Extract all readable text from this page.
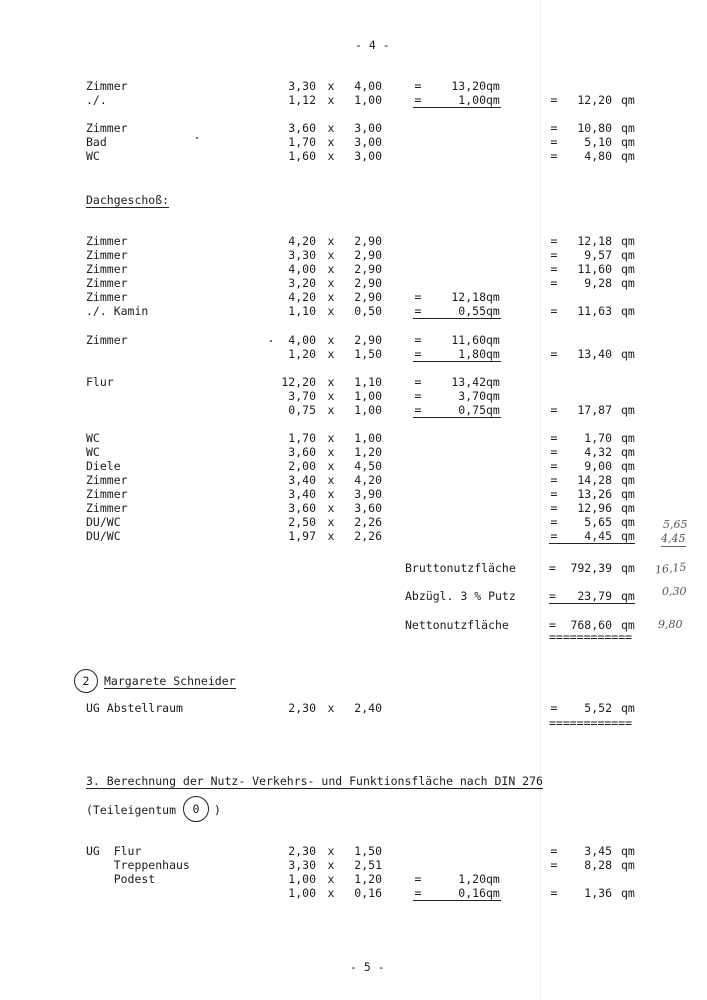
- 4 -
Zimmer	3,30 x	4,00	=	13,20 qm
./.	1,12 x	1,00	=	1,00 qm	=	12,20 qm
Zimmer	3,60 x	3,00	=	10,80 qm
Bad	1,70 x	3,00	=	5,10 qm
WC	1,60 x	3,00	=	4,80 qm
Zimmer	4,20 x	2,90	=	12,18 qm
Zimmer	3,30 x	2,90	=	9,57 qm
Zimmer	4,00 x	2,90	=	11,60 qm
Zimmer	3,20 x	2,90	=	9,28 qm
Zimmer	4,20 x	2,90	=	12,18 qm
./. Kamin	1,10 x	0,50	=	0,55 qm	=	11,63 qm
Zimmer	4,00 x	2,90	=	11,60 qm
1,20 x	1,50	=	1,80 qm	=	13,40 qm
Flur	12,20 x	1,10	=	13,42 qm
3,70 x	1,00	=	3,70 qm
0,75 x	1,00	=	0,75 qm	=	17,87 qm
WC	1,70 x	1,00	=	1,70 qm
WC	3,60 x	1,20	=	4,32 qm
Diele	2,00 x	4,50	=	9,00 qm
Zimmer	3,40 x	4,20	=	14,28 qm
Zimmer	3,40 x	3,90	=	13,26 qm
Zimmer	3,60 x	3,60	=	12,96 qm
DU/WC	2,50 x	2,26	=	5,65 qm
DU/WC	1,97 x	2,26	=	4,45 qm
UG Abstellraum	2,30 x	2,40	=	5,52 qm
UG  Flur	2,30 x	1,50	=	3,45 qm
Treppenhaus	3,30 x	2,51	=	8,28 qm
Podest	1,00 x	1,20	=	1,20 qm
1,00 x	0,16	=	0,16 qm	=	1,36 qm
Dachgeschoß:
Bruttonutzfläche	=	792,39 qm
Abzügl. 3 % Putz	=	23,79 qm
Nettonutzfläche	=	768,60 qm
============
2	Margarete Schneider
============
3. Berechnung der Nutz- Verkehrs- und Funktionsfläche nach DIN 276
(Teileigentum	0	)
5,65
4,45
16,15
0,30
9,80
- 5 -
